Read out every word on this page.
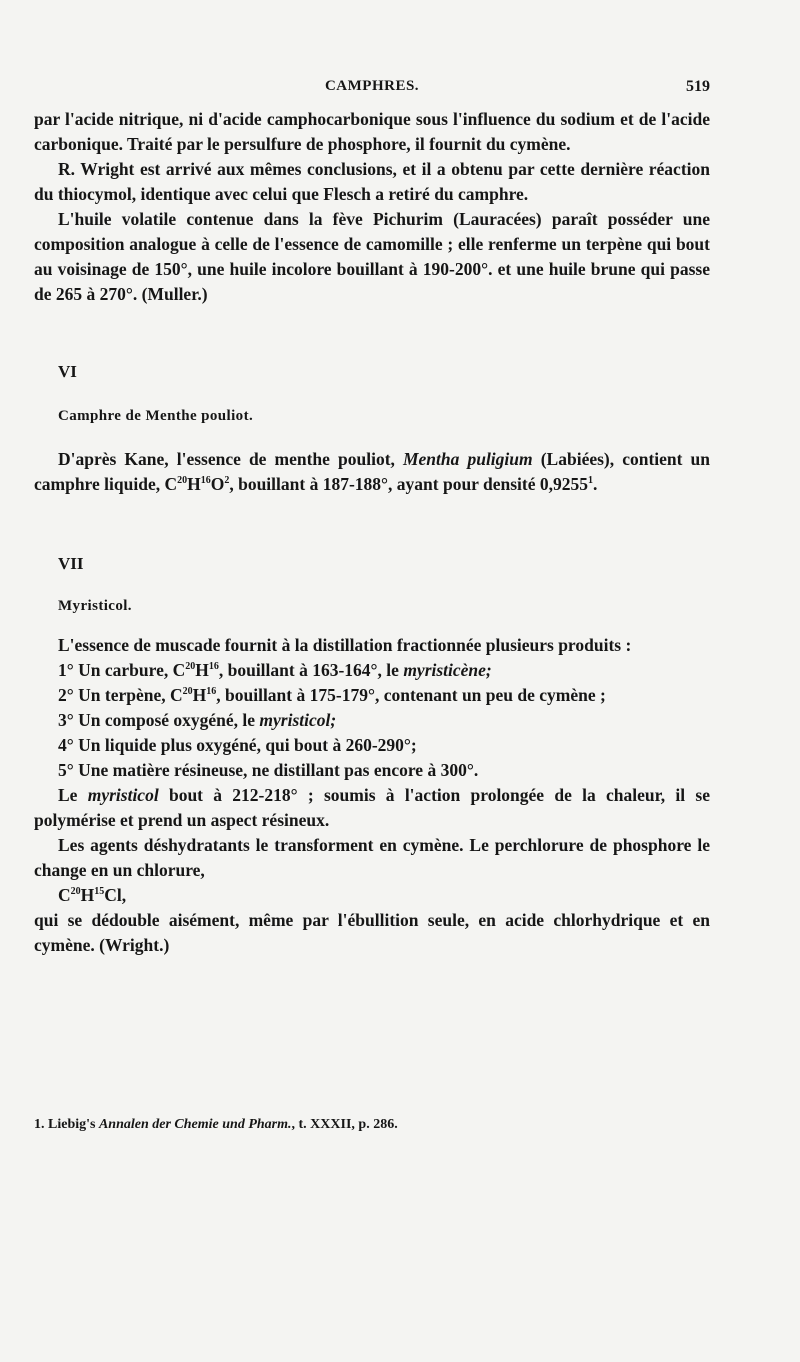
CAMPHRES.	519

par l'acide nitrique, ni d'acide camphocarbonique sous l'influence du sodium et de l'acide carbonique. Traité par le persulfure de phosphore, il fournit du cymène.

R. Wright est arrivé aux mêmes conclusions, et il a obtenu par cette dernière réaction du thiocymol, identique avec celui que Flesch a retiré du camphre.

L'huile volatile contenue dans la fève Pichurim (Lauracées) paraît posséder une composition analogue à celle de l'essence de camomille ; elle renferme un terpène qui bout au voisinage de 150°, une huile incolore bouillant à 190-200°. et une huile brune qui passe de 265 à 270°. (Muller.)

VI

Camphre de Menthe pouliot.

D'après Kane, l'essence de menthe pouliot, Mentha puligium (Labiées), contient un camphre liquide, $C^{20}H^{16}O^2$, bouillant à 187-188°, ayant pour densité 0,9255$^1$.

VII

Myristicol.

L'essence de muscade fournit à la distillation fractionnée plusieurs produits :

1° Un carbure, $C^{20}H^{16}$, bouillant à 163-164°, le myristicène;

2° Un terpène, $C^{20}H^{16}$, bouillant à 175-179°, contenant un peu de cymène ;

3° Un composé oxygéné, le myristicol;

4° Un liquide plus oxygéné, qui bout à 260-290°;

5° Une matière résineuse, ne distillant pas encore à 300°.

Le myristicol bout à 212-218° ; soumis à l'action prolongée de la chaleur, il se polymérise et prend un aspect résineux.

Les agents déshydratants le transforment en cymène. Le perchlorure de phosphore le change en un chlorure,

$C^{20}H^{15}Cl$,

qui se dédouble aisément, même par l'ébullition seule, en acide chlorhydrique et en cymène. (Wright.)

1. Liebig's Annalen der Chemie und Pharm., t. XXXII, p. 286.
